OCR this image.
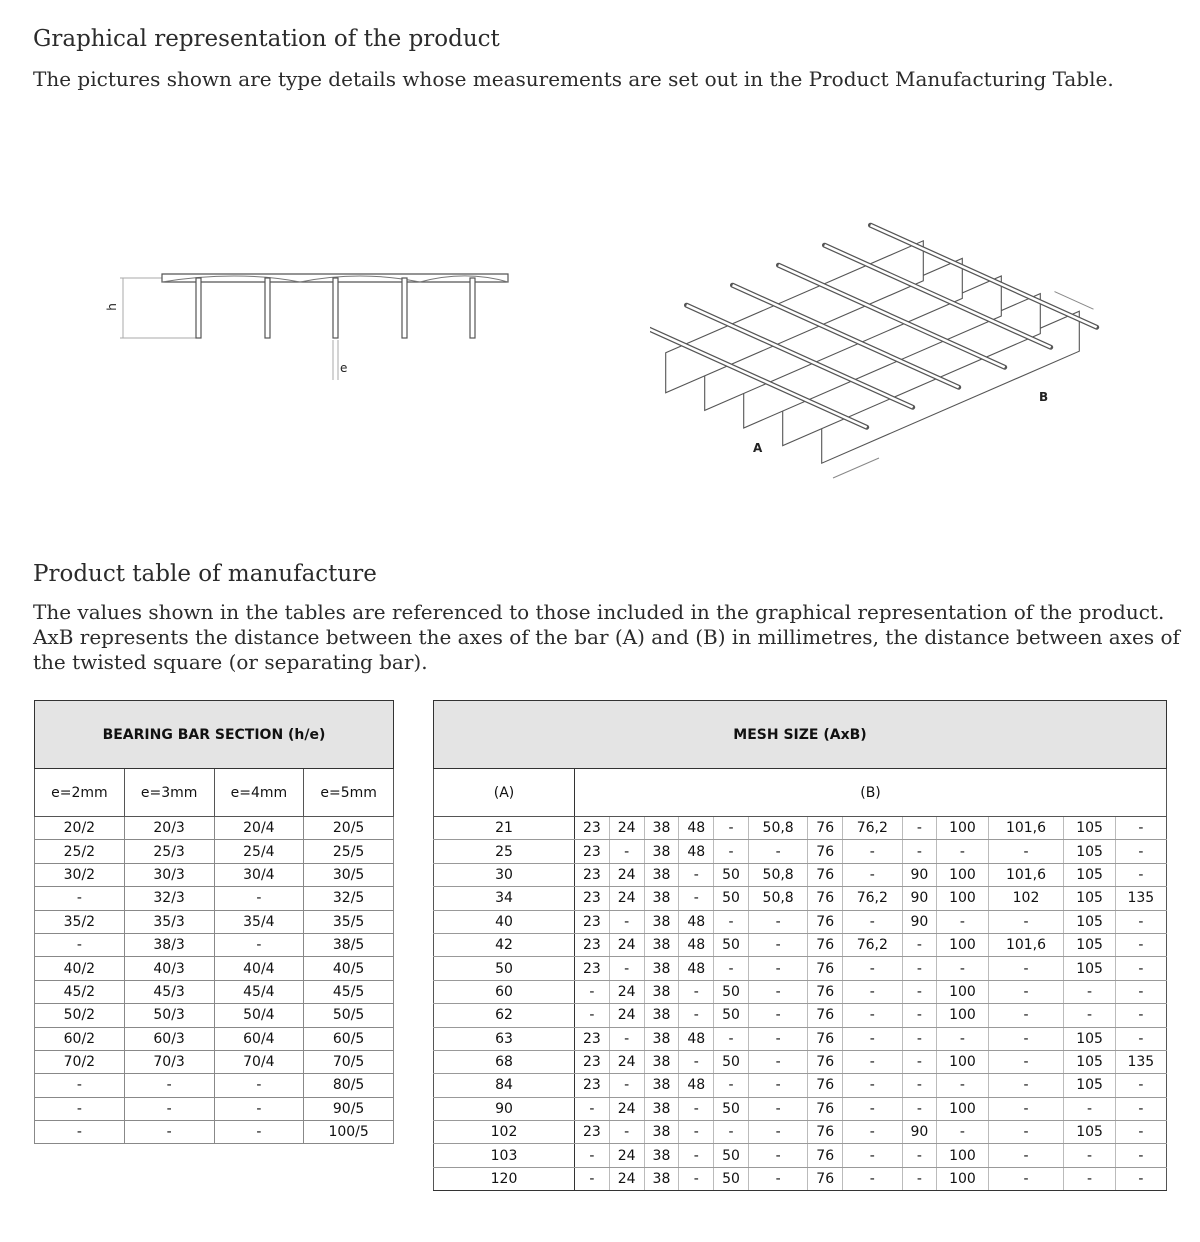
Graphical representation of the product

The pictures shown are type details whose measurements are set out in the Product Manufacturing Table.

h
e
A
B
Product table of manufacture

The values shown in the tables are referenced to those included in the graphical representation of the product. AxB represents the distance between the axes of the bar (A) and (B) in millimetres, the distance between axes of the twisted square (or separating bar).

BEARING BAR SECTION (h/e)			
e=2mm	e=3mm	e=4mm	e=5mm
20/2	20/3	20/4	20/5
25/2	25/3	25/4	25/5
30/2	30/3	30/4	30/5
-	32/3	-	32/5
35/2	35/3	35/4	35/5
-	38/3	-	38/5
40/2	40/3	40/4	40/5
45/2	45/3	45/4	45/5
50/2	50/3	50/4	50/5
60/2	60/3	60/4	60/5
70/2	70/3	70/4	70/5
-	-	-	80/5
-	-	-	90/5
-	-	-	100/5
MESH SIZE (AxB)													
(A)	(B)												
21	23	24	38	48	-	50,8	76	76,2	-	100	101,6	105	-
25	23	-	38	48	-	-	76	-	-	-	-	105	-
30	23	24	38	-	50	50,8	76	-	90	100	101,6	105	-
34	23	24	38	-	50	50,8	76	76,2	90	100	102	105	135
40	23	-	38	48	-	-	76	-	90	-	-	105	-
42	23	24	38	48	50	-	76	76,2	-	100	101,6	105	-
50	23	-	38	48	-	-	76	-	-	-	-	105	-
60	-	24	38	-	50	-	76	-	-	100	-	-	-
62	-	24	38	-	50	-	76	-	-	100	-	-	-
63	23	-	38	48	-	-	76	-	-	-	-	105	-
68	23	24	38	-	50	-	76	-	-	100	-	105	135
84	23	-	38	48	-	-	76	-	-	-	-	105	-
90	-	24	38	-	50	-	76	-	-	100	-	-	-
102	23	-	38	-	-	-	76	-	90	-	-	105	-
103	-	24	38	-	50	-	76	-	-	100	-	-	-
120	-	24	38	-	50	-	76	-	-	100	-	-	-
